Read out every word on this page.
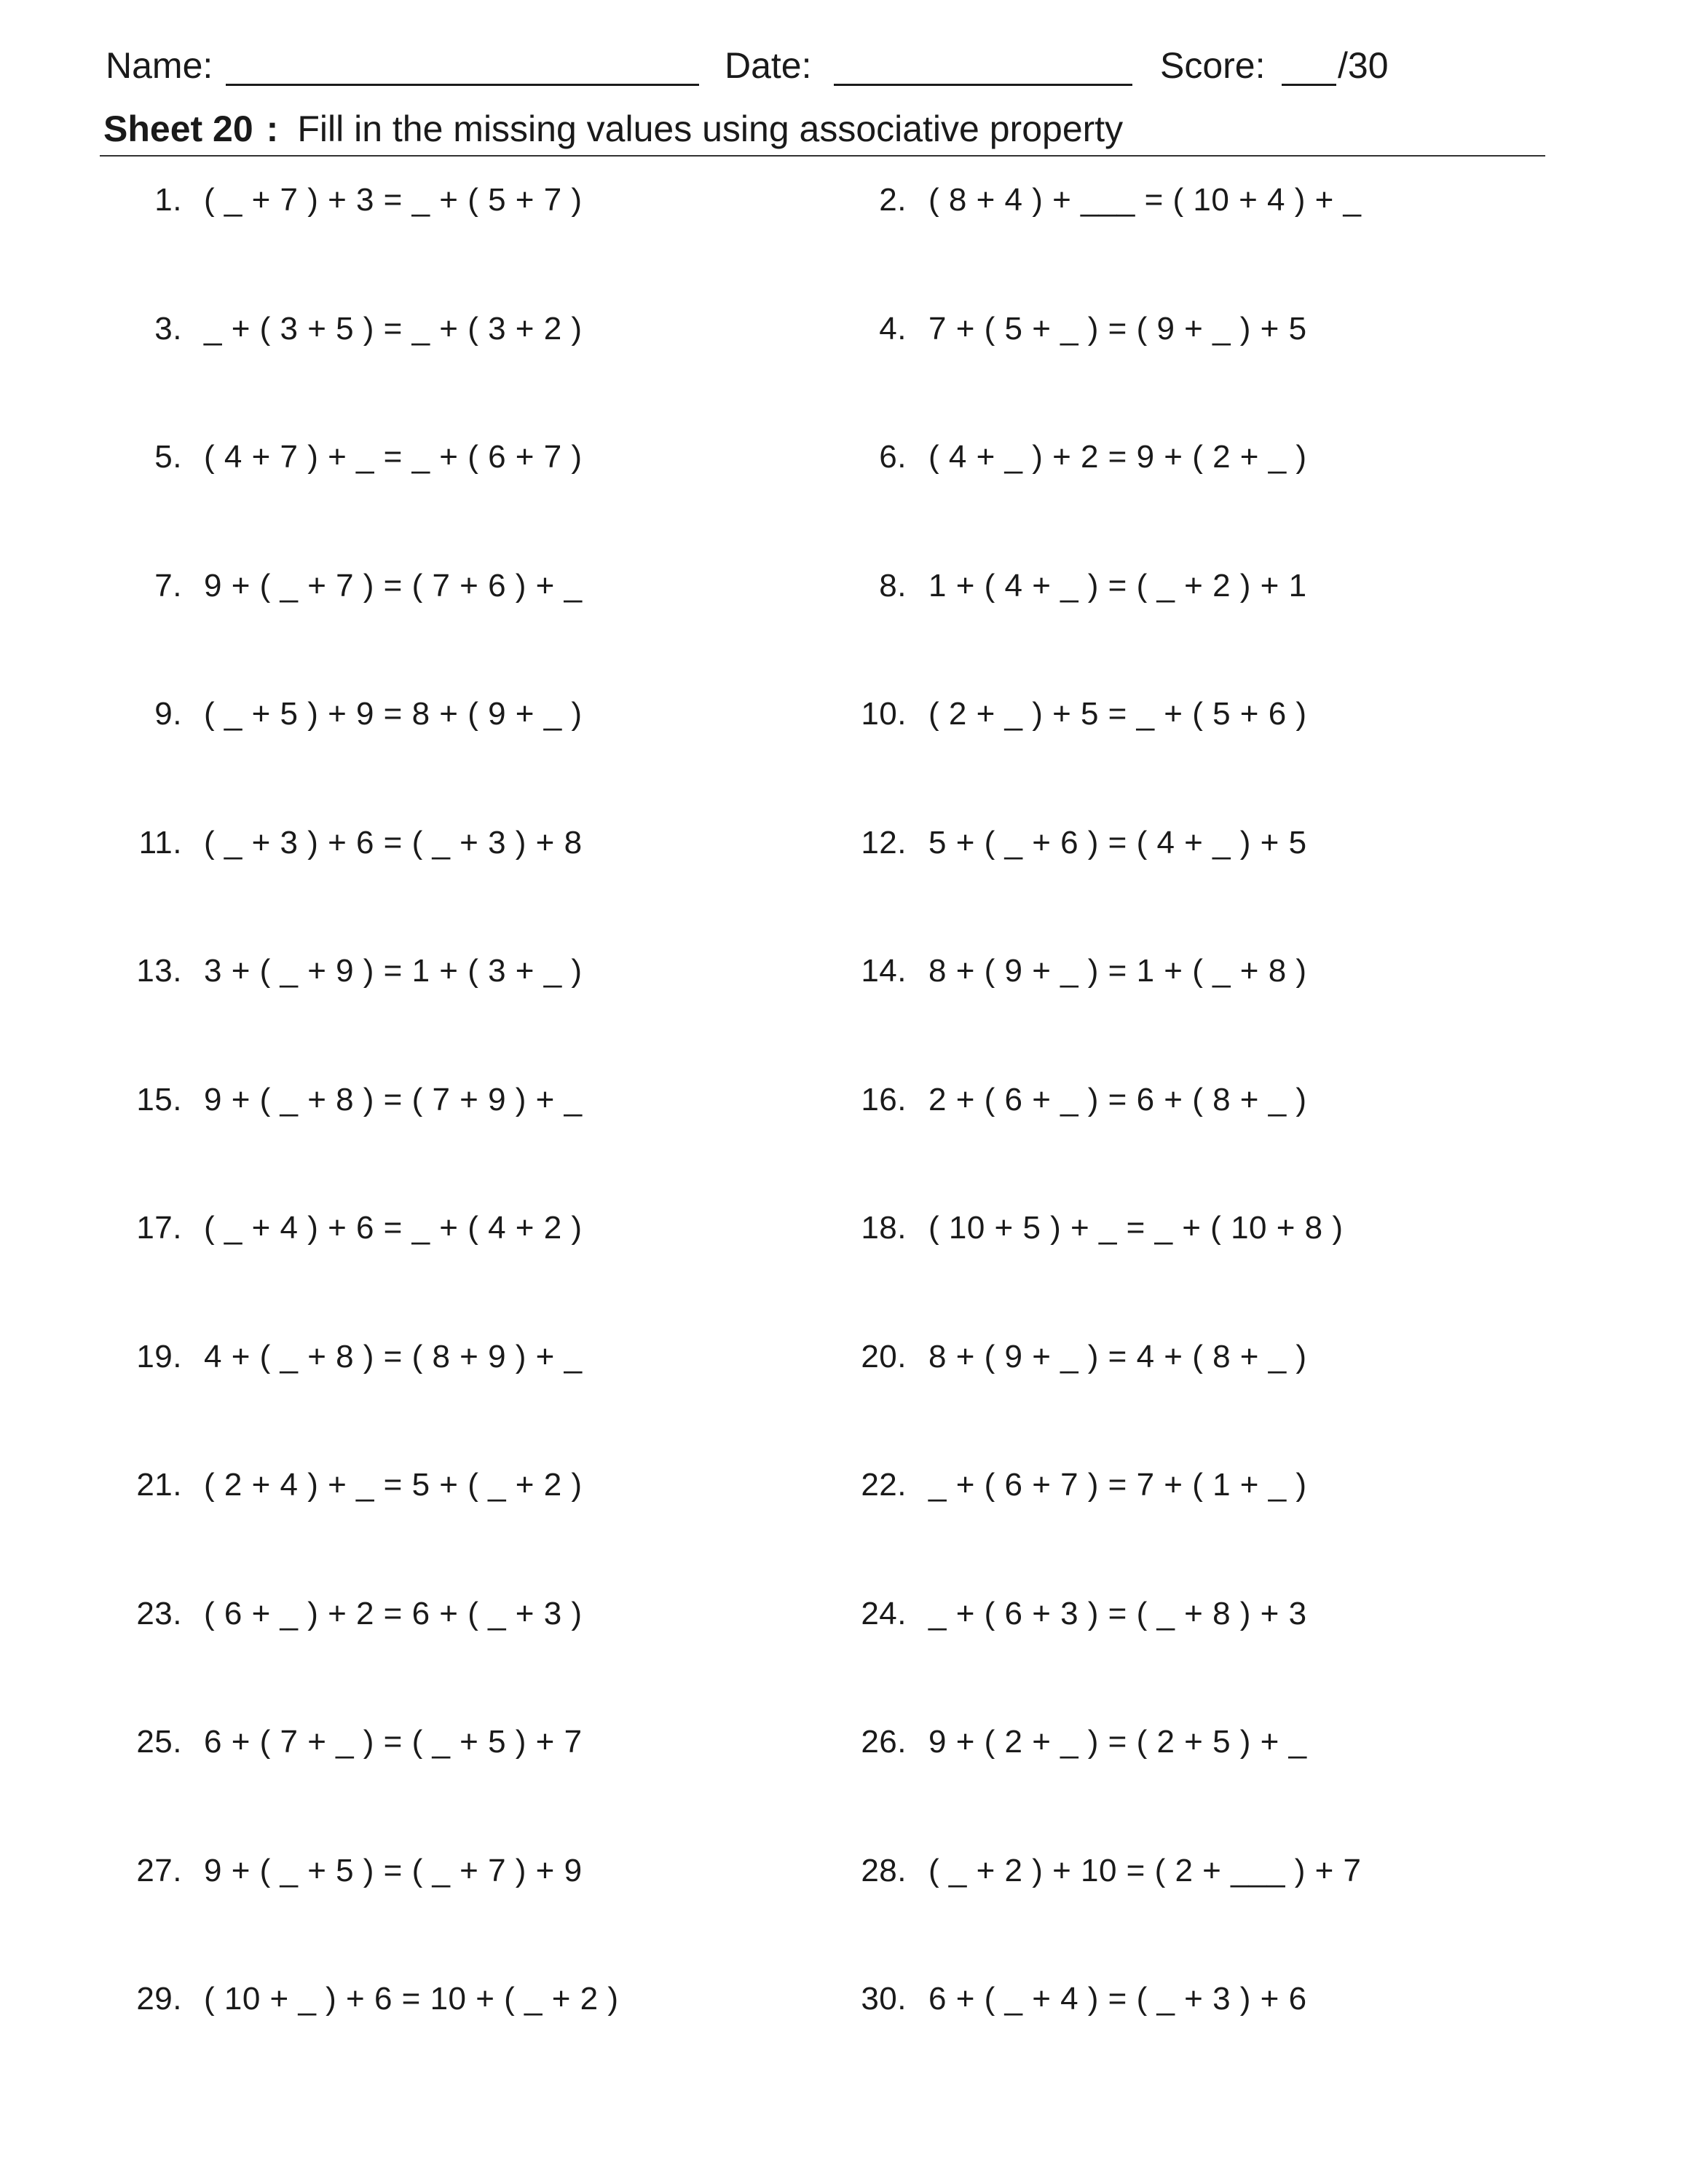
Name:	Date:	Score: /30
Sheet 20 : Fill in the missing values using associative property
1. ( _ + 7 ) + 3 = _ + ( 5 + 7 )	2. ( 8 + 4 ) + ___ = ( 10 + 4 ) + _
3. _ + ( 3 + 5 ) = _ + ( 3 + 2 )	4. 7 + ( 5 + _ ) = ( 9 + _ ) + 5
5. ( 4 + 7 ) + _ = _ + ( 6 + 7 )	6. ( 4 + _ ) + 2 = 9 + ( 2 + _ )
7. 9 + ( _ + 7 ) = ( 7 + 6 ) + _	8. 1 + ( 4 + _ ) = ( _ + 2 ) + 1
9. ( _ + 5 ) + 9 = 8 + ( 9 + _ )	10. ( 2 + _ ) + 5 = _ + ( 5 + 6 )
11. ( _ + 3 ) + 6 = ( _ + 3 ) + 8	12. 5 + ( _ + 6 ) = ( 4 + _ ) + 5
13. 3 + ( _ + 9 ) = 1 + ( 3 + _ )	14. 8 + ( 9 + _ ) = 1 + ( _ + 8 )
15. 9 + ( _ + 8 ) = ( 7 + 9 ) + _	16. 2 + ( 6 + _ ) = 6 + ( 8 + _ )
17. ( _ + 4 ) + 6 = _ + ( 4 + 2 )	18. ( 10 + 5 ) + _ = _ + ( 10 + 8 )
19. 4 + ( _ + 8 ) = ( 8 + 9 ) + _	20. 8 + ( 9 + _ ) = 4 + ( 8 + _ )
21. ( 2 + 4 ) + _ = 5 + ( _ + 2 )	22. _ + ( 6 + 7 ) = 7 + ( 1 + _ )
23. ( 6 + _ ) + 2 = 6 + ( _ + 3 )	24. _ + ( 6 + 3 ) = ( _ + 8 ) + 3
25. 6 + ( 7 + _ ) = ( _ + 5 ) + 7	26. 9 + ( 2 + _ ) = ( 2 + 5 ) + _
27. 9 + ( _ + 5 ) = ( _ + 7 ) + 9	28. ( _ + 2 ) + 10 = ( 2 + ___ ) + 7
29. ( 10 + _ ) + 6 = 10 + ( _ + 2 )	30. 6 + ( _ + 4 ) = ( _ + 3 ) + 6
